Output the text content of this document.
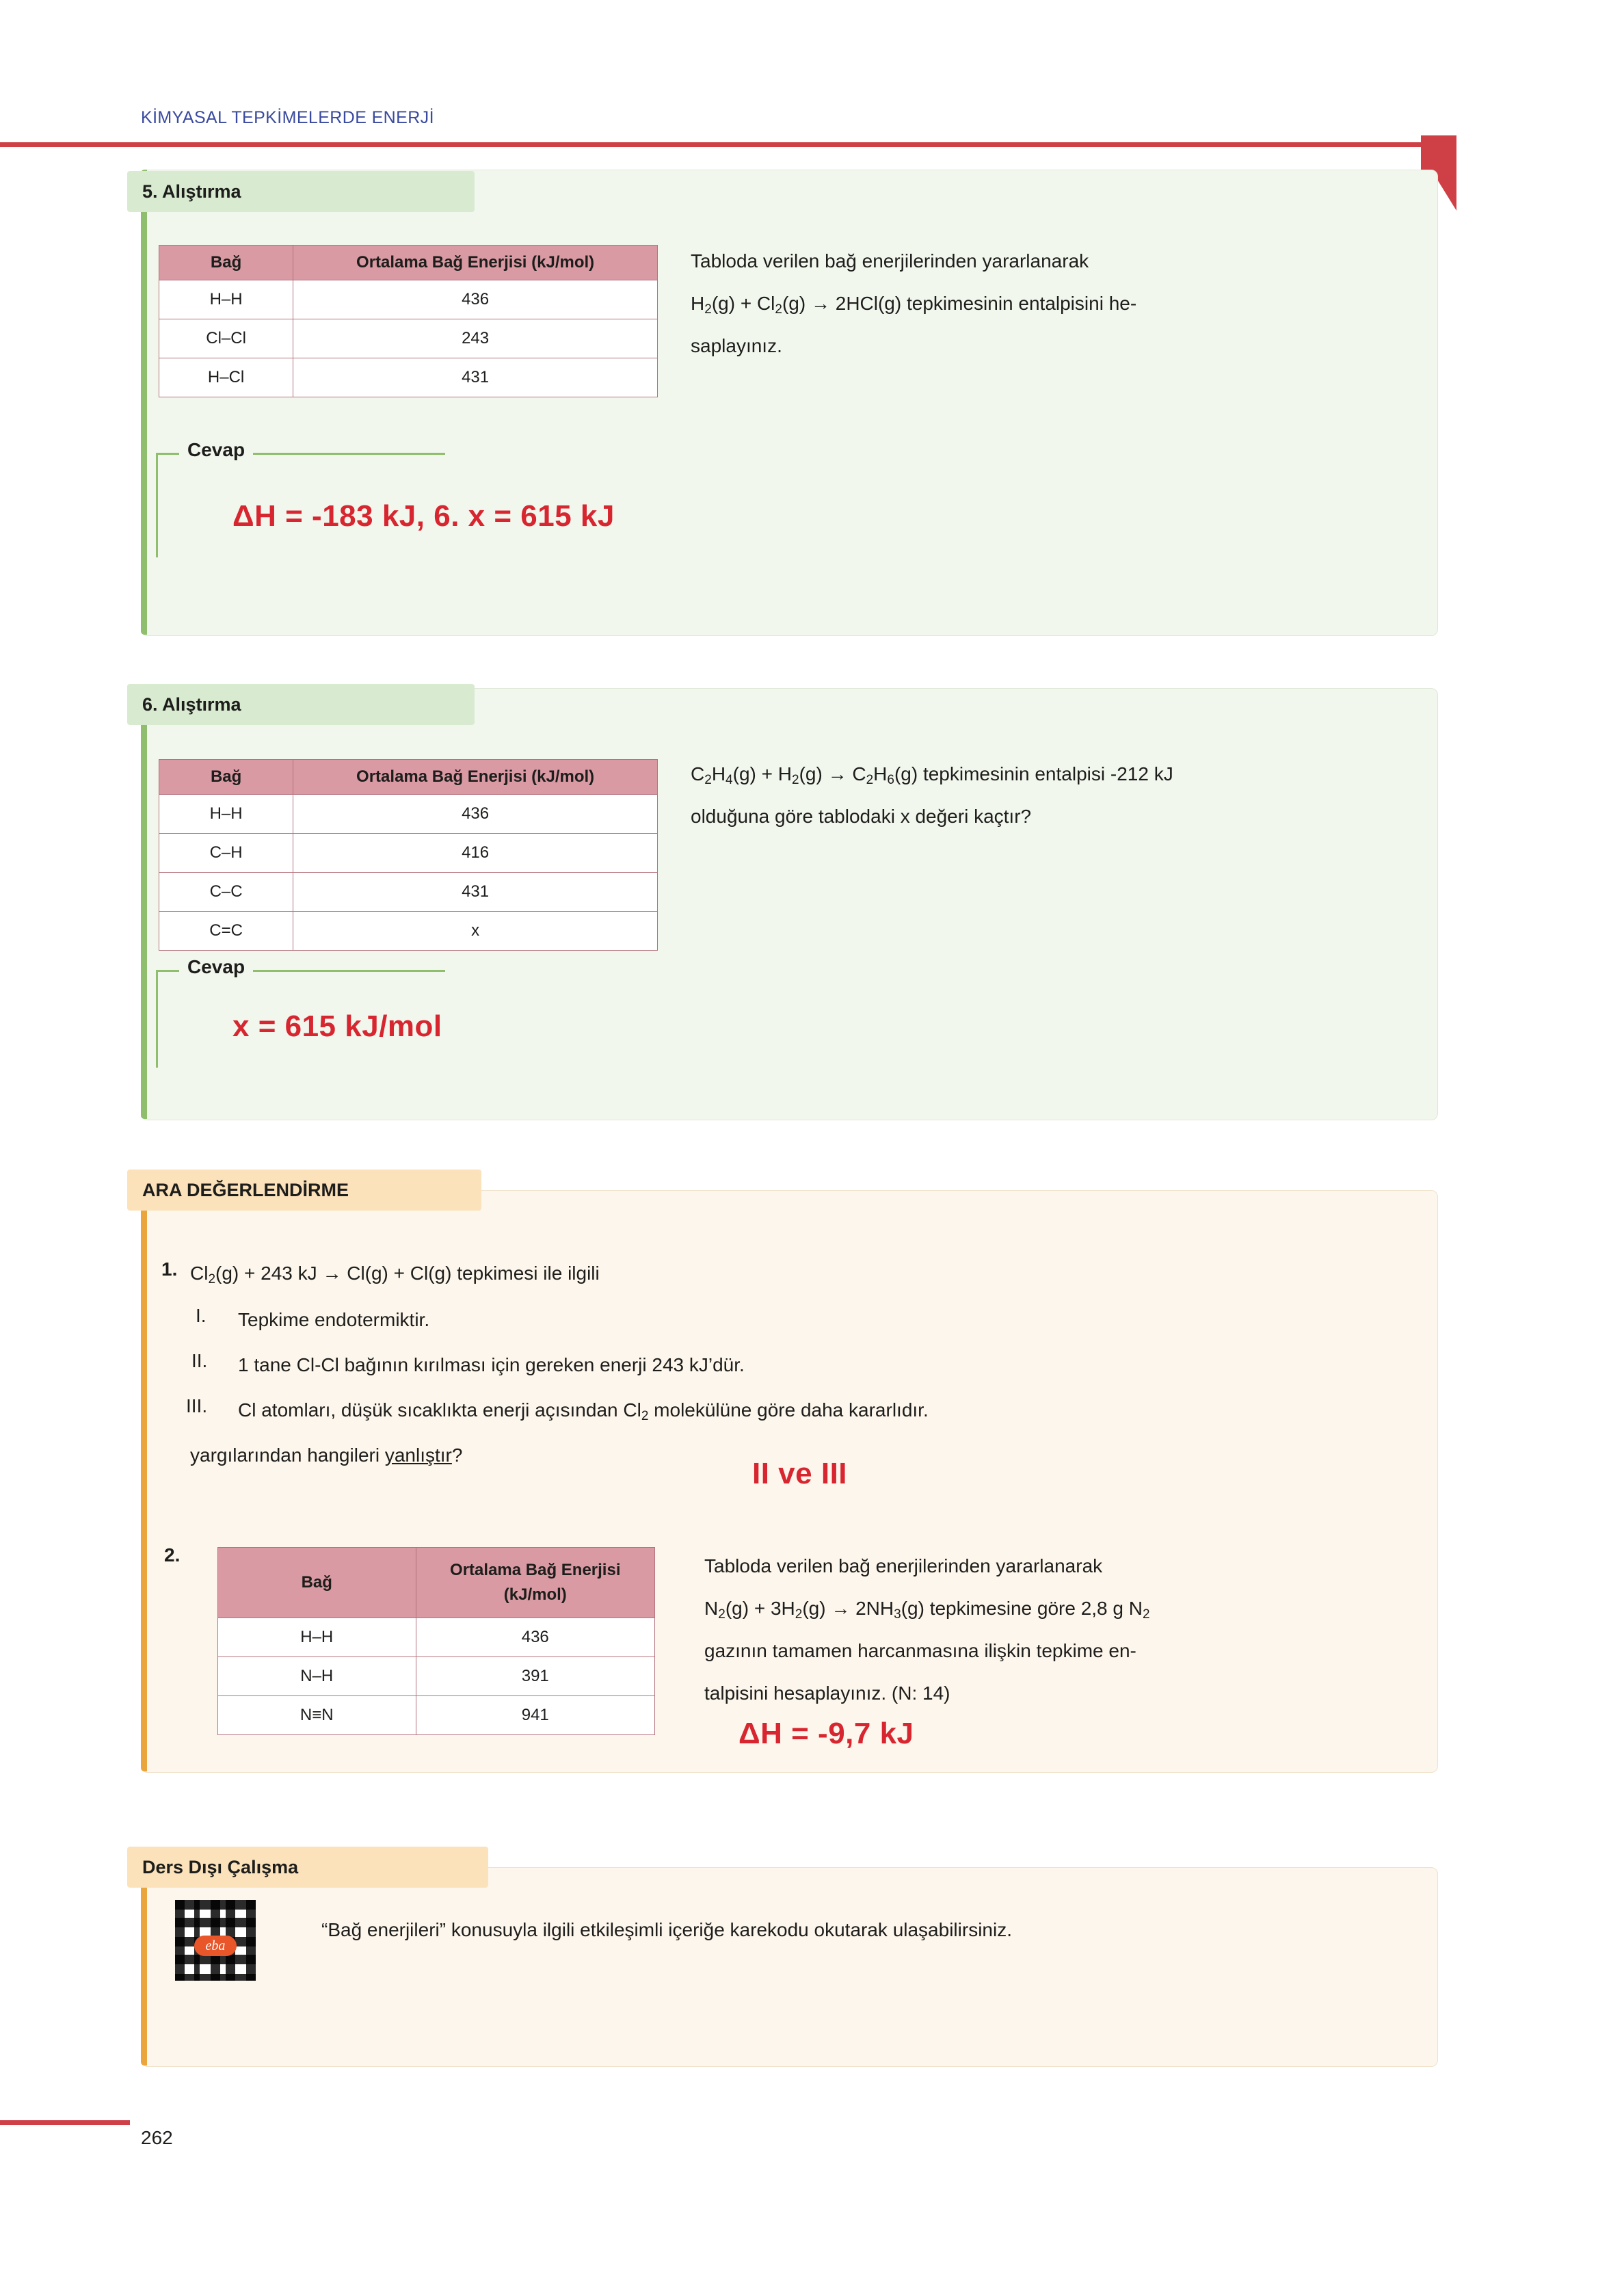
KİMYASAL TEPKİMELERDE ENERJİ
5. Alıştırma
Bağ	Ortalama Bağ Enerjisi (kJ/mol)
H–H	436
Cl–Cl	243
H–Cl	431
Tabloda verilen bağ enerjilerinden yararlanarak
$H_2(g) + Cl_2(g) \to 2HCl(g)$ tepkimesinin entalpisini he-
saplayınız.
Cevap
ΔH = -183 kJ, 6. x = 615 kJ
6. Alıştırma
Bağ	Ortalama Bağ Enerjisi (kJ/mol)
H–H	436
C–H	416
C–C	431
C=C	x
$C_2H_4(g) + H_2(g) \to C_2H_6(g)$ tepkimesinin entalpisi -212 kJ
olduğuna göre tablodaki x değeri kaçtır?
Cevap
x = 615 kJ/mol
ARA DEĞERLENDİRME
1. $Cl_2(g) + 243$ kJ → Cl(g) + Cl(g) tepkimesi ile ilgili
I. Tepkime endotermiktir.
II. 1 tane Cl-Cl bağının kırılması için gereken enerji 243 kJ’dür.
III. Cl atomları, düşük sıcaklıkta enerji açısından $Cl_2$ molekülüne göre daha kararlıdır.
yargılarından hangileri yanlıştır?
II ve III
2.
Bağ	Ortalama Bağ Enerjisi
(kJ/mol)

H–H	436
N–H	391
N≡N	941
Tabloda verilen bağ enerjilerinden yararlanarak
$N_2(g) + 3H_2(g) \to 2NH_3(g)$ tepkimesine göre 2,8 g $N_2$
gazının tamamen harcanmasına ilişkin tepkime en-
talpisini hesaplayınız. (N: 14)
ΔH = -9,7 kJ
Ders Dışı Çalışma
eba
“Bağ enerjileri” konusuyla ilgili etkileşimli içeriğe karekodu okutarak ulaşabilirsiniz.
262
